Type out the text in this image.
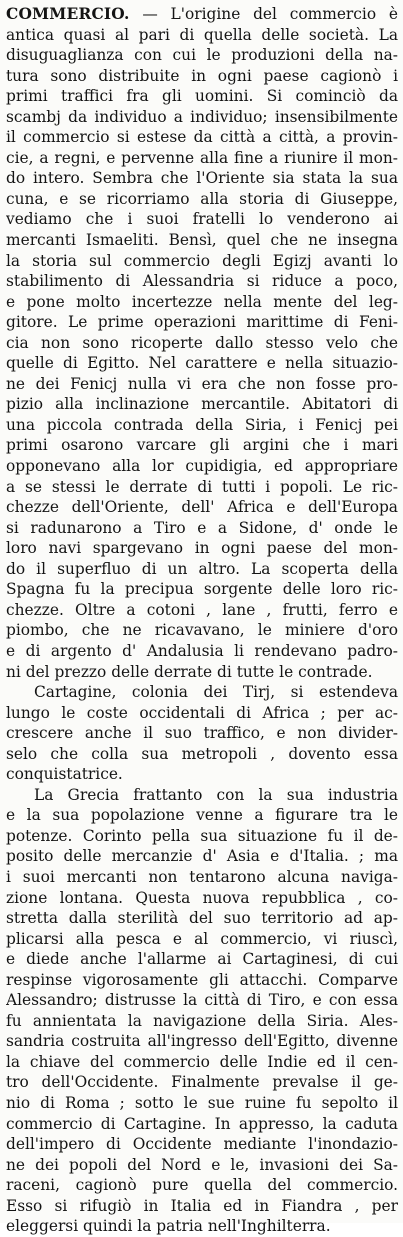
COMMERCIO. — L'origine del commercio è
antica quasi al pari di quella delle società. La
disuguaglianza con cui le produzioni della na-
tura sono distribuite in ogni paese cagionò i
primi traffici fra gli uomini. Si cominciò da
scambj da individuo a individuo; insensibilmente
il commercio si estese da città a città, a provin-
cie, a regni, e pervenne alla fine a riunire il mon-
do intero. Sembra che l'Oriente sia stata la sua
cuna, e se ricorriamo alla storia di Giuseppe,
vediamo che i suoi fratelli lo venderono ai
mercanti Ismaeliti. Bensì, quel che ne insegna
la storia sul commercio degli Egizj avanti lo
stabilimento di Alessandria si riduce a poco,
e pone molto incertezze nella mente del leg-
gitore. Le prime operazioni marittime di Feni-
cia non sono ricoperte dallo stesso velo che
quelle di Egitto. Nel carattere e nella situazio-
ne dei Fenicj nulla vi era che non fosse pro-
pizio alla inclinazione mercantile. Abitatori di
una piccola contrada della Siria, i Fenicj pei
primi osarono varcare gli argini che i mari
opponevano alla lor cupidigia, ed appropriare
a se stessi le derrate di tutti i popoli. Le ric-
chezze dell'Oriente, dell' Africa e dell'Europa
si radunarono a Tiro e a Sidone, d' onde le
loro navi spargevano in ogni paese del mon-
do il superfluo di un altro. La scoperta della
Spagna fu la precipua sorgente delle loro ric-
chezze. Oltre a cotoni , lane , frutti, ferro e
piombo, che ne ricavavano, le miniere d'oro
e di argento d' Andalusia li rendevano padro-
ni del prezzo delle derrate di tutte le contrade.
Cartagine, colonia dei Tirj, si estendeva
lungo le coste occidentali di Africa ; per ac-
crescere anche il suo traffico, e non divider-
selo che colla sua metropoli , dovento essa
conquistatrice.
La Grecia frattanto con la sua industria
e la sua popolazione venne a figurare tra le
potenze. Corinto pella sua situazione fu il de-
posito delle mercanzie d' Asia e d'Italia. ; ma
i suoi mercanti non tentarono alcuna naviga-
zione lontana. Questa nuova repubblica , co-
stretta dalla sterilità del suo territorio ad ap-
plicarsi alla pesca e al commercio, vi riuscì,
e diede anche l'allarme ai Cartaginesi, di cui
respinse vigorosamente gli attacchi. Comparve
Alessandro; distrusse la città di Tiro, e con essa
fu annientata la navigazione della Siria. Ales-
sandria costruita all'ingresso dell'Egitto, divenne
la chiave del commercio delle Indie ed il cen-
tro dell'Occidente. Finalmente prevalse il ge-
nio di Roma ; sotto le sue ruine fu sepolto il
commercio di Cartagine. In appresso, la caduta
dell'impero di Occidente mediante l'inondazio-
ne dei popoli del Nord e le, invasioni dei Sa-
raceni, cagionò pure quella del commercio.
Esso si rifugiò in Italia ed in Fiandra , per
eleggersi quindi la patria nell'Inghilterra.
